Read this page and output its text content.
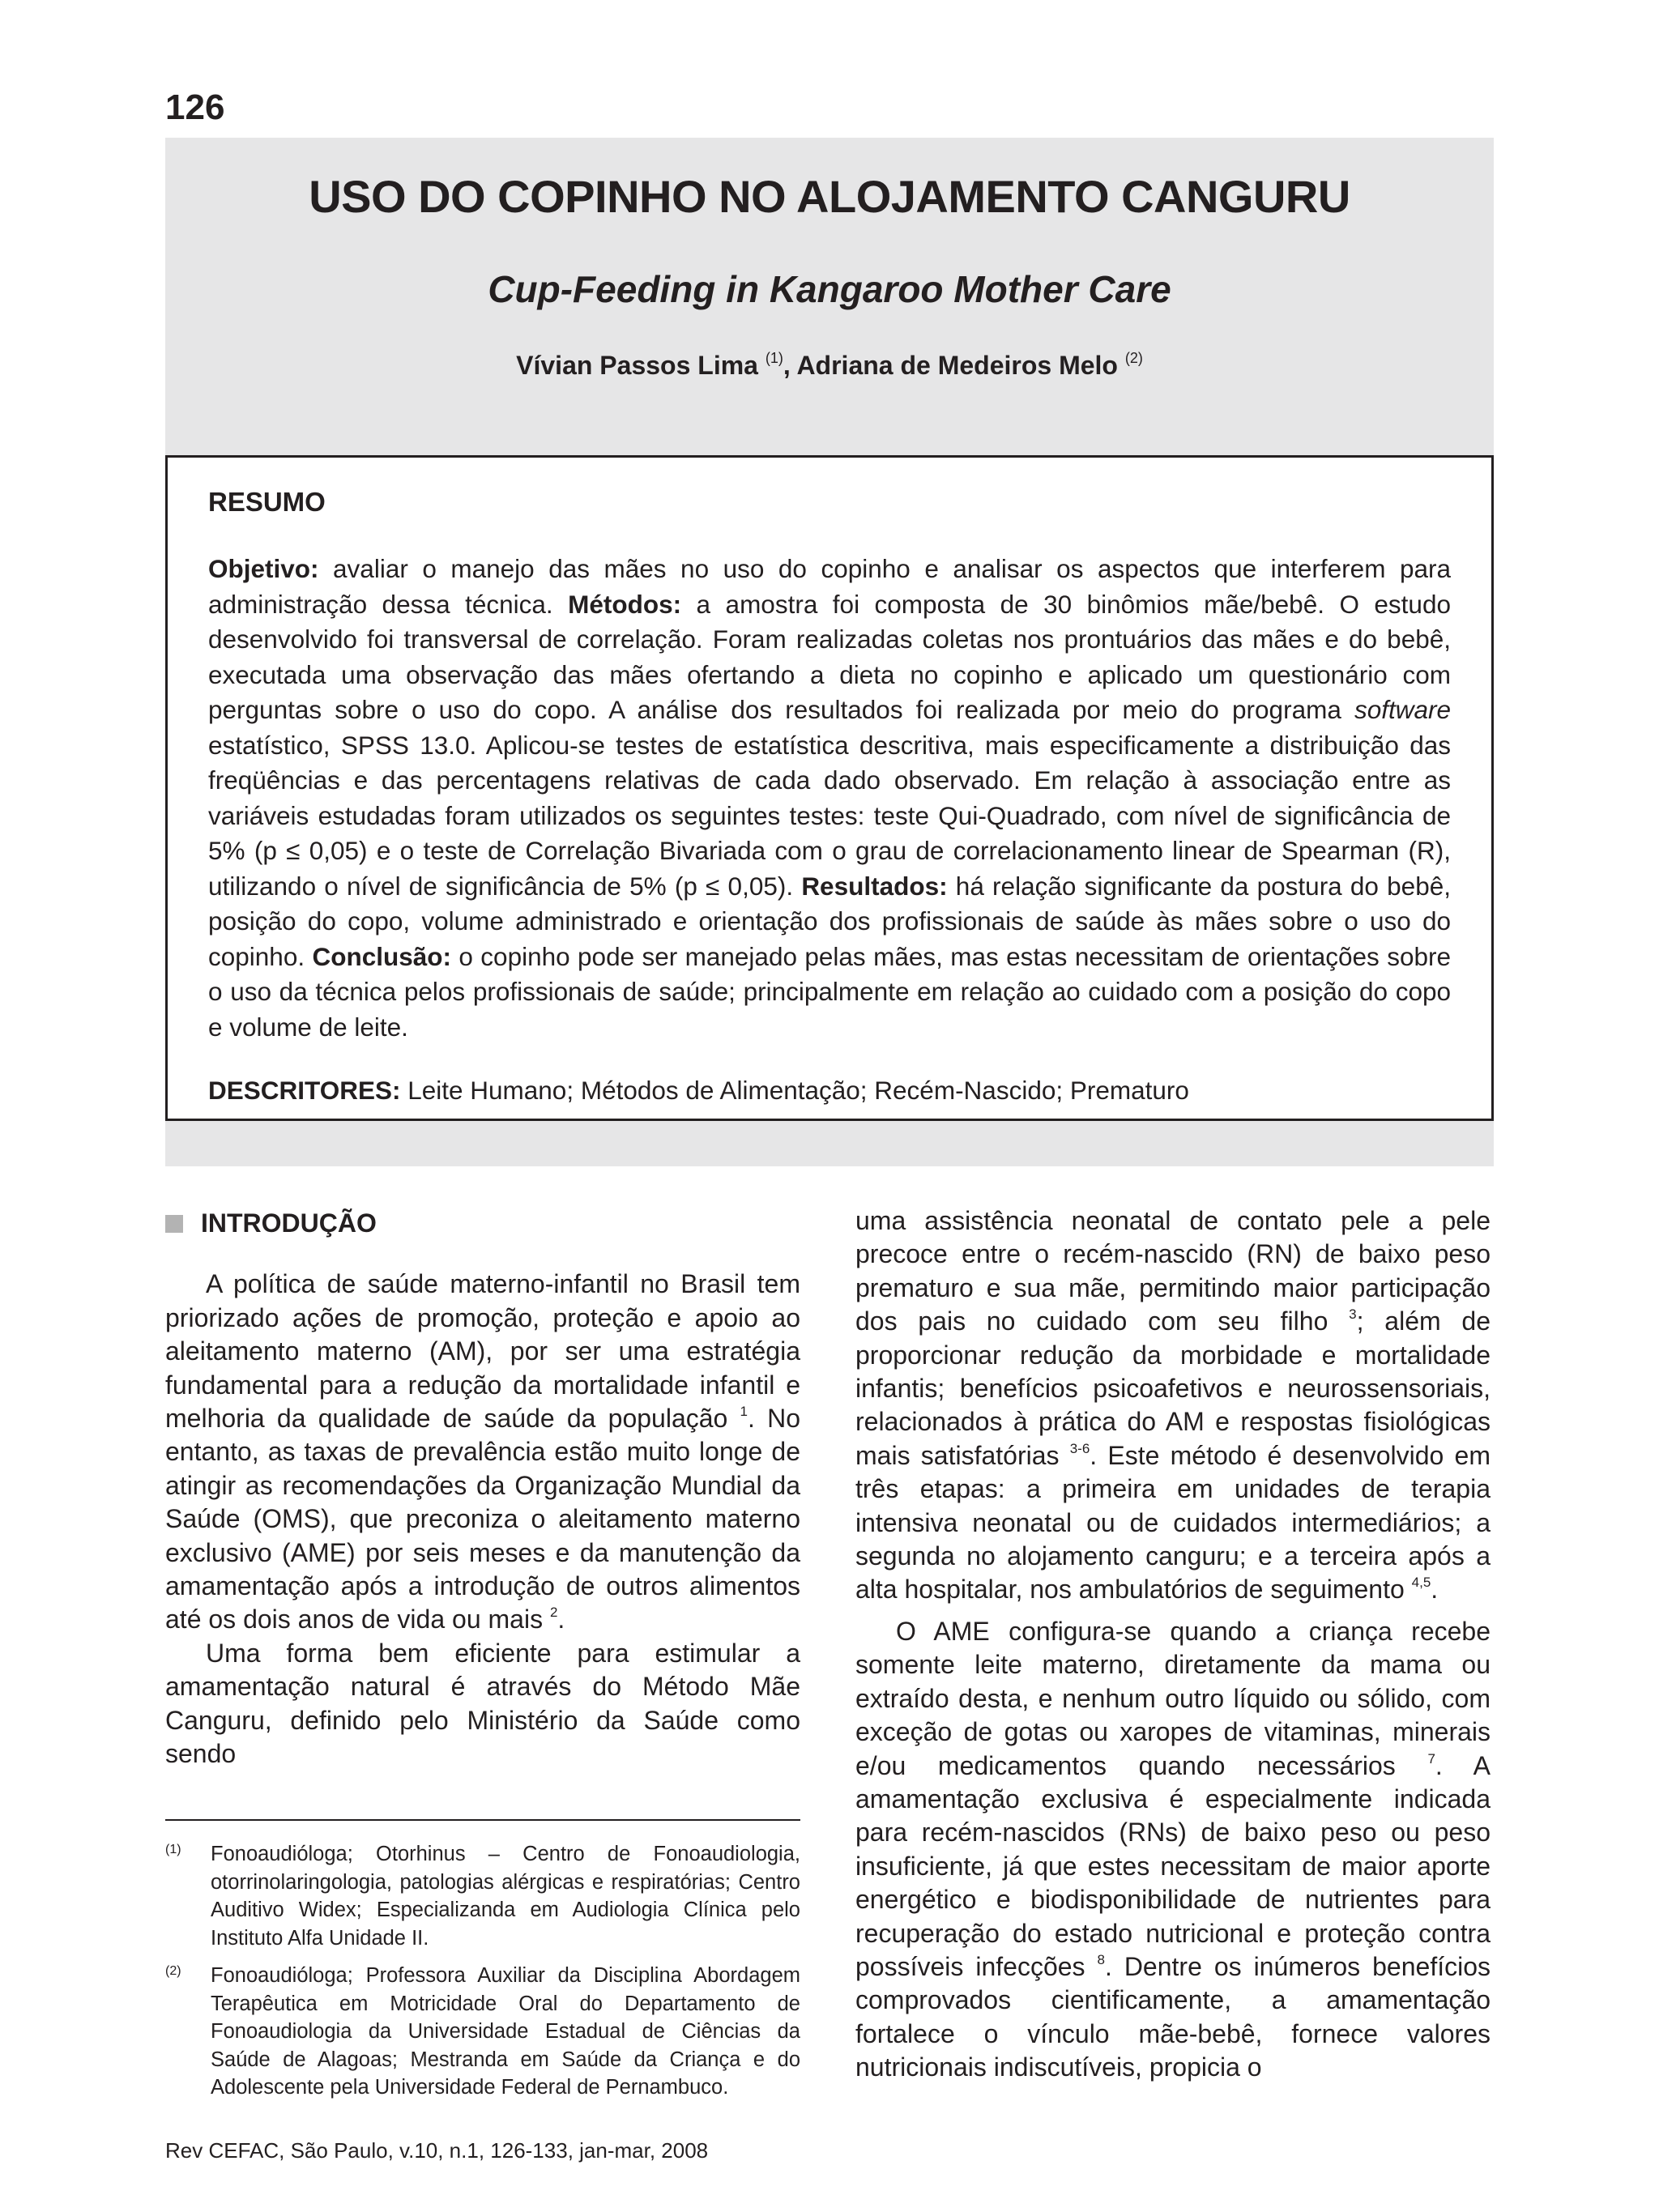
126
USO DO COPINHO NO ALOJAMENTO CANGURU
Cup-Feeding in Kangaroo Mother Care
Vívian Passos Lima $^{(1)}$, Adriana de Medeiros Melo $^{(2)}$
RESUMO

Objetivo: avaliar o manejo das mães no uso do copinho e analisar os aspectos que interferem para administração dessa técnica. Métodos: a amostra foi composta de 30 binômios mãe/bebê. O estudo desenvolvido foi transversal de correlação. Foram realizadas coletas nos prontuários das mães e do bebê, executada uma observação das mães ofertando a dieta no copinho e aplicado um questionário com perguntas sobre o uso do copo. A análise dos resultados foi realizada por meio do programa software estatístico, SPSS 13.0. Aplicou-se testes de estatística descritiva, mais especificamente a distribuição das freqüências e das percentagens relativas de cada dado observado. Em relação à associação entre as variáveis estudadas foram utilizados os seguintes testes: teste Qui-Quadrado, com nível de significância de 5% (p ≤ 0,05) e o teste de Correlação Bivariada com o grau de correlacionamento linear de Spearman (R), utilizando o nível de significância de 5% (p ≤ 0,05). Resultados: há relação significante da postura do bebê, posição do copo, volume administrado e orientação dos profissionais de saúde às mães sobre o uso do copinho. Conclusão: o copinho pode ser manejado pelas mães, mas estas necessitam de orientações sobre o uso da técnica pelos profissionais de saúde; principalmente em relação ao cuidado com a posição do copo e volume de leite.

DESCRITORES: Leite Humano; Métodos de Alimentação; Recém-Nascido; Prematuro
INTRODUÇÃO

A política de saúde materno-infantil no Brasil tem priorizado ações de promoção, proteção e apoio ao aleitamento materno (AM), por ser uma estratégia fundamental para a redução da mortalidade infantil e melhoria da qualidade de saúde da população $^1$. No entanto, as taxas de prevalência estão muito longe de atingir as recomendações da Organização Mundial da Saúde (OMS), que preconiza o aleitamento materno exclusivo (AME) por seis meses e da manutenção da amamentação após a introdução de outros alimentos até os dois anos de vida ou mais $^2$.

Uma forma bem eficiente para estimular a amamentação natural é através do Método Mãe Canguru, definido pelo Ministério da Saúde como sendo

uma assistência neonatal de contato pele a pele precoce entre o recém-nascido (RN) de baixo peso prematuro e sua mãe, permitindo maior participação dos pais no cuidado com seu filho $^3$; além de proporcionar redução da morbidade e mortalidade infantis; benefícios psicoafetivos e neurossensoriais, relacionados à prática do AM e respostas fisiológicas mais satisfatórias $^{3-6}$. Este método é desenvolvido em três etapas: a primeira em unidades de terapia intensiva neonatal ou de cuidados intermediários; a segunda no alojamento canguru; e a terceira após a alta hospitalar, nos ambulatórios de seguimento $^{4,5}$.

O AME configura-se quando a criança recebe somente leite materno, diretamente da mama ou extraído desta, e nenhum outro líquido ou sólido, com exceção de gotas ou xaropes de vitaminas, minerais e/ou medicamentos quando necessários $^7$. A amamentação exclusiva é especialmente indicada para recém-nascidos (RNs) de baixo peso ou peso insuficiente, já que estes necessitam de maior aporte energético e biodisponibilidade de nutrientes para recuperação do estado nutricional e proteção contra possíveis infecções $^8$. Dentre os inúmeros benefícios comprovados cientificamente, a amamentação fortalece o vínculo mãe-bebê, fornece valores nutricionais indiscutíveis, propicia o

(1)	Fonoaudióloga; Otorhinus – Centro de Fonoaudiologia, otorrinolaringologia, patologias alérgicas e respiratórias; Centro Auditivo Widex; Especializanda em Audiologia Clínica pelo Instituto Alfa Unidade II.
(2)	Fonoaudióloga; Professora Auxiliar da Disciplina Abordagem Terapêutica em Motricidade Oral do Departamento de Fonoaudiologia da Universidade Estadual de Ciências da Saúde de Alagoas; Mestranda em Saúde da Criança e do Adolescente pela Universidade Federal de Pernambuco.
Rev CEFAC, São Paulo, v.10, n.1, 126-133, jan-mar, 2008
